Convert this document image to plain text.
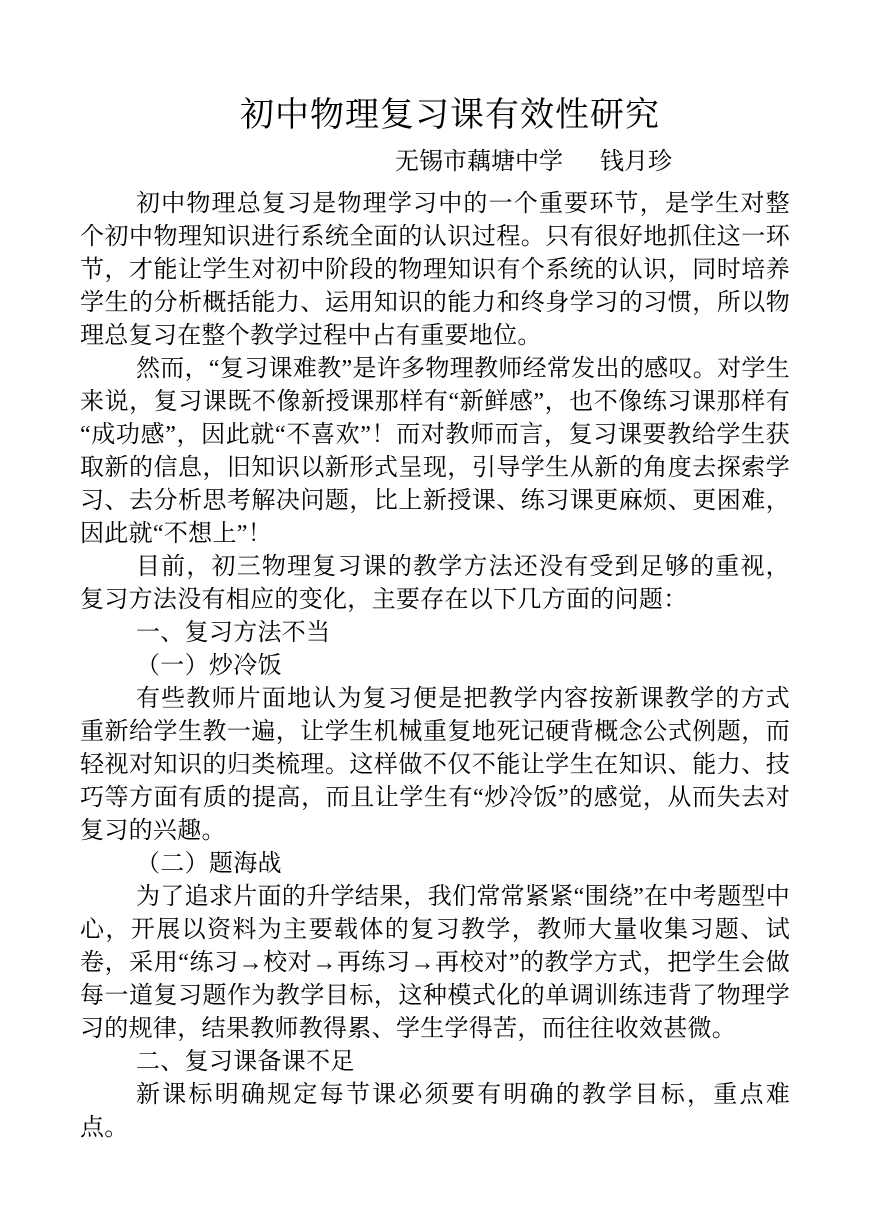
初中物理复习课有效性研究
无锡市藕塘中学 钱月珍

初中物理总复习是物理学习中的一个重要环节，是学生对整个初中物理知识进行系统全面的认识过程。只有很好地抓住这一环节，才能让学生对初中阶段的物理知识有个系统的认识，同时培养学生的分析概括能力、运用知识的能力和终身学习的习惯，所以物理总复习在整个教学过程中占有重要地位。

然而，“复习课难教”是许多物理教师经常发出的感叹。对学生来说，复习课既不像新授课那样有“新鲜感”，也不像练习课那样有“成功感”，因此就“不喜欢”！而对教师而言，复习课要教给学生获取新的信息，旧知识以新形式呈现，引导学生从新的角度去探索学习、去分析思考解决问题，比上新授课、练习课更麻烦、更困难，因此就“不想上”！

目前，初三物理复习课的教学方法还没有受到足够的重视，复习方法没有相应的变化，主要存在以下几方面的问题：

一、复习方法不当

（一）炒冷饭

有些教师片面地认为复习便是把教学内容按新课教学的方式重新给学生教一遍，让学生机械重复地死记硬背概念公式例题，而轻视对知识的归类梳理。这样做不仅不能让学生在知识、能力、技巧等方面有质的提高，而且让学生有“炒冷饭”的感觉，从而失去对复习的兴趣。

（二）题海战

为了追求片面的升学结果，我们常常紧紧“围绕”在中考题型中心，开展以资料为主要载体的复习教学，教师大量收集习题、试卷，采用“练习→校对→再练习→再校对”的教学方式，把学生会做每一道复习题作为教学目标，这种模式化的单调训练违背了物理学习的规律，结果教师教得累、学生学得苦，而往往收效甚微。

二、复习课备课不足

新课标明确规定每节课必须要有明确的教学目标，重点难点。
